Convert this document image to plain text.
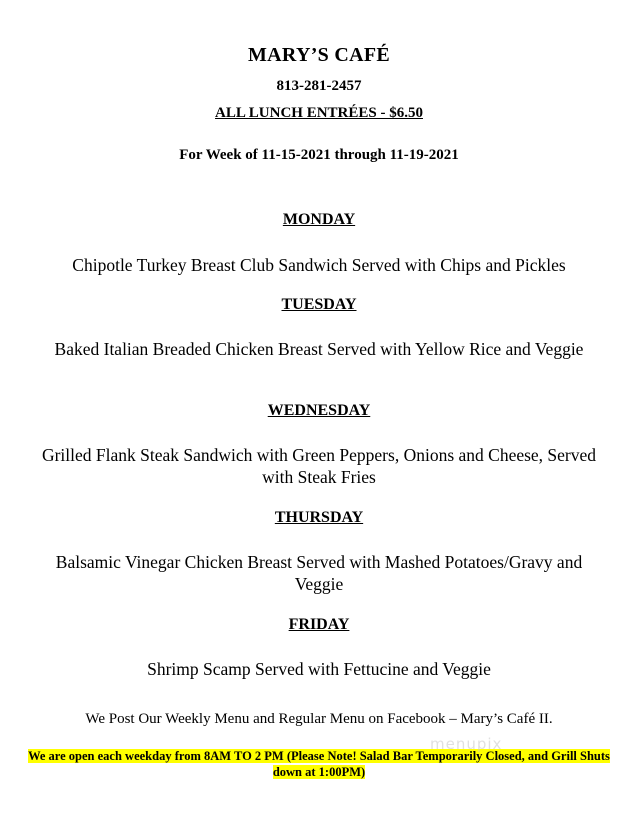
MARY’S CAFÉ
813-281-2457
ALL LUNCH ENTRÉES - $6.50
For Week of 11-15-2021 through 11-19-2021
MONDAY
Chipotle Turkey Breast Club Sandwich Served with Chips and Pickles
TUESDAY
Baked Italian Breaded Chicken Breast Served with Yellow Rice and Veggie
WEDNESDAY
Grilled Flank Steak Sandwich with Green Peppers, Onions and Cheese, Served with Steak Fries
THURSDAY
Balsamic Vinegar Chicken Breast Served with Mashed Potatoes/Gravy and Veggie
FRIDAY
Shrimp Scamp Served with Fettucine and Veggie
We Post Our Weekly Menu and Regular Menu on Facebook – Mary’s Café II.
We are open each weekday from 8AM TO 2 PM (Please Note! Salad Bar Temporarily Closed, and Grill Shuts down at 1:00PM)
menupix
